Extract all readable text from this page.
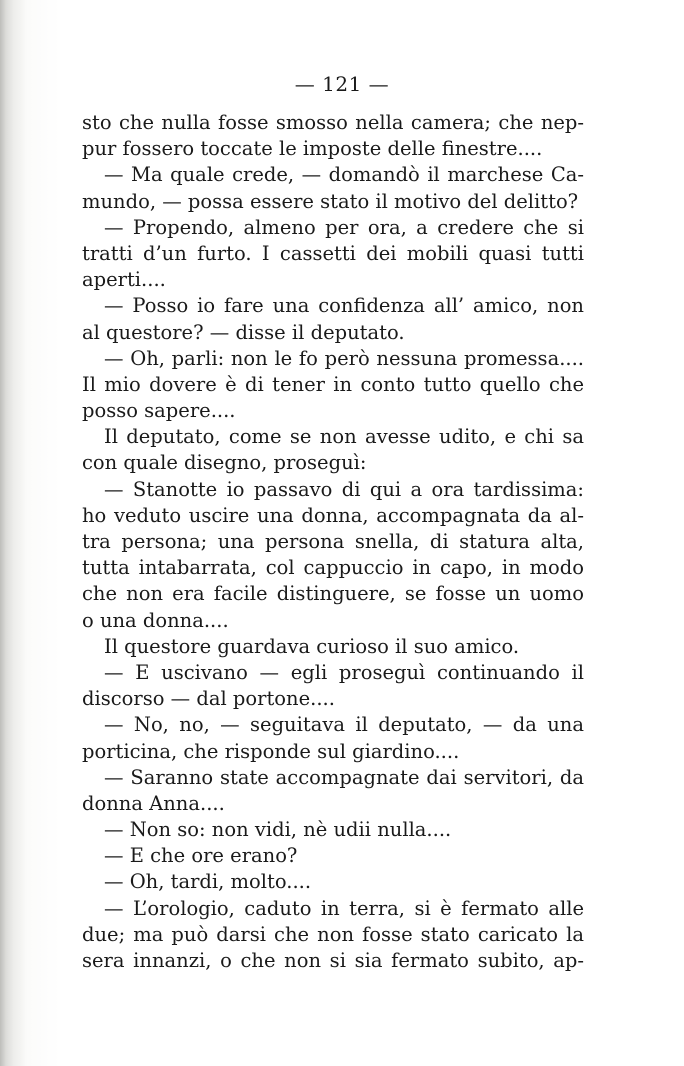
— 121 —
sto che nulla fosse smosso nella camera; che nep-
pur fossero toccate le imposte delle finestre....
— Ma quale crede, — domandò il marchese Ca-
mundo, — possa essere stato il motivo del delitto?
— Propendo, almeno per ora, a credere che si
tratti d’un furto. I cassetti dei mobili quasi tutti
aperti....
— Posso io fare una confidenza all’ amico, non
al questore? — disse il deputato.
— Oh, parli: non le fo però nessuna promessa....
Il mio dovere è di tener in conto tutto quello che
posso sapere....
Il deputato, come se non avesse udito, e chi sa
con quale disegno, proseguì:
— Stanotte io passavo di qui a ora tardissima:
ho veduto uscire una donna, accompagnata da al-
tra persona; una persona snella, di statura alta,
tutta intabarrata, col cappuccio in capo, in modo
che non era facile distinguere, se fosse un uomo
o una donna....
Il questore guardava curioso il suo amico.
— E uscivano — egli proseguì continuando il
discorso — dal portone....
— No, no, — seguitava il deputato, — da una
porticina, che risponde sul giardino....
— Saranno state accompagnate dai servitori, da
donna Anna....
— Non so: non vidi, nè udii nulla....
— E che ore erano?
— Oh, tardi, molto....
— L’orologio, caduto in terra, si è fermato alle
due; ma può darsi che non fosse stato caricato la
sera innanzi, o che non si sia fermato subito, ap-
